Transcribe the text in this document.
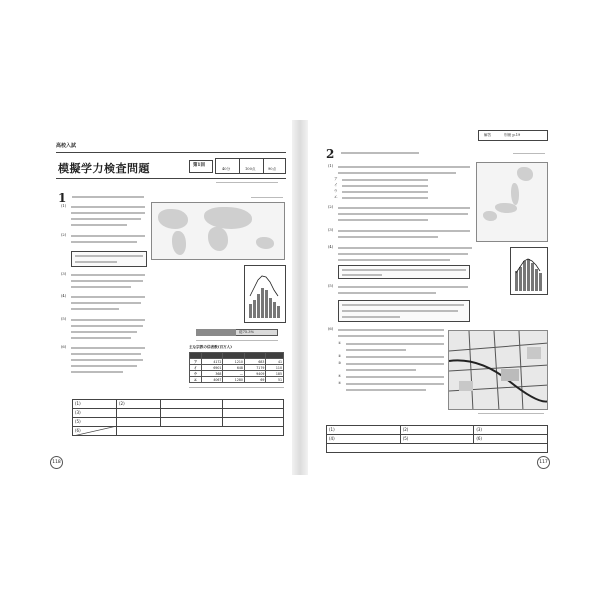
高校入試
模擬学力検査問題	第1回
40分	100点	90点
1
(1)
(2)
(3)
(4)
(5)
(6)
総75.3%
主な宗教の信者数(百万人)

ア	4172	1210	683	41
イ	6901	648	7179	110
ウ	368	—	9409	185
エ	4067	1280	69	51
(1)	(2)		
(3)			
(5)			
(6)			
118
解答	別冊 p.19
2
(1)
ア
イ
ウ
エ
(2)
(3)
(4)
(5)
(6)
①
②
③
④
⑤
(1)	(2)	(3)
(4)	(5)	(6)

117
